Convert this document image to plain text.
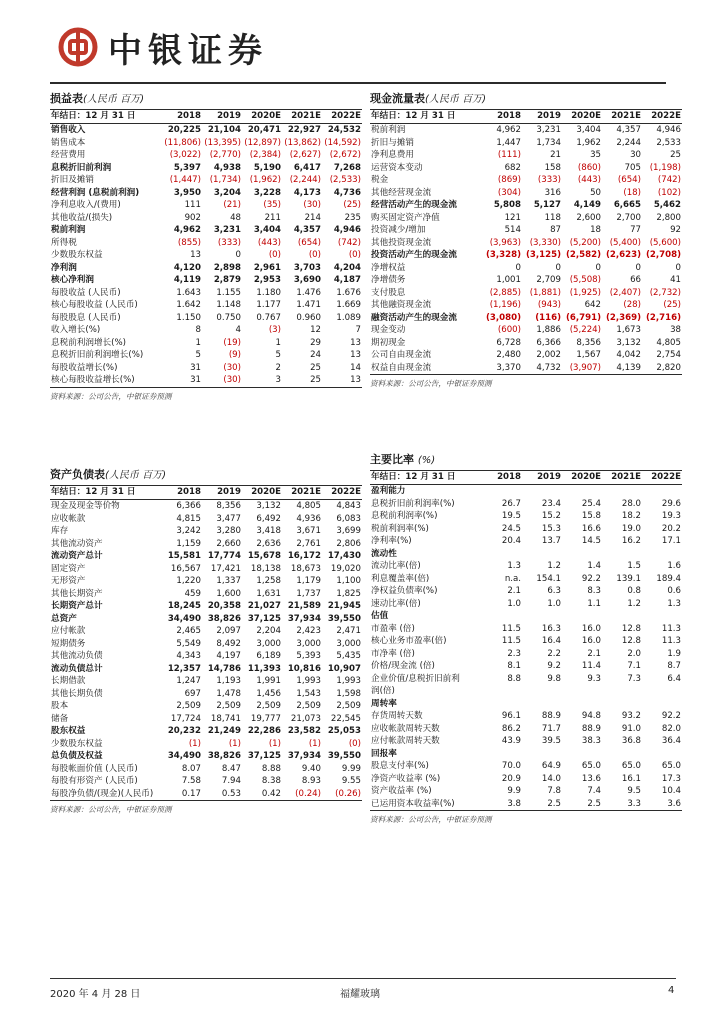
中银证券
损益表(人民币 百万)
年结日：12 月 31 日	2018	2019	2020E	2021E	2022E
销售收入	20,225	21,104	20,471	22,927	24,532
销售成本	(11,806)	(13,395)	(12,897)	(13,862)	(14,592)
经营费用	(3,022)	(2,770)	(2,384)	(2,627)	(2,672)
息税折旧前利润	5,397	4,938	5,190	6,417	7,268
折旧及摊销	(1,447)	(1,734)	(1,962)	(2,244)	(2,533)
经营利润 (息税前利润)	3,950	3,204	3,228	4,173	4,736
净利息收入/(费用)	111	(21)	(35)	(30)	(25)
其他收益/(损失)	902	48	211	214	235
税前利润	4,962	3,231	3,404	4,357	4,946
所得税	(855)	(333)	(443)	(654)	(742)
少数股东权益	13	0	(0)	(0)	(0)
净利润	4,120	2,898	2,961	3,703	4,204
核心净利润	4,119	2,879	2,953	3,690	4,187
每股收益 (人民币)	1.643	1.155	1.180	1.476	1.676
核心每股收益 (人民币)	1.642	1.148	1.177	1.471	1.669
每股股息 (人民币)	1.150	0.750	0.767	0.960	1.089
收入增长(%)	8	4	(3)	12	7
息税前利润增长(%)	1	(19)	1	29	13
息税折旧前利润增长(%)	5	(9)	5	24	13
每股收益增长(%)	31	(30)	2	25	14
核心每股收益增长(%)	31	(30)	3	25	13
资料来源：公司公告，中银证券预测
现金流量表(人民币 百万)
年结日：12 月 31 日	2018	2019	2020E	2021E	2022E
税前利润	4,962	3,231	3,404	4,357	4,946
折旧与摊销	1,447	1,734	1,962	2,244	2,533
净利息费用	(111)	21	35	30	25
运营资本变动	682	158	(860)	705	(1,198)
税金	(869)	(333)	(443)	(654)	(742)
其他经营现金流	(304)	316	50	(18)	(102)
经营活动产生的现金流	5,808	5,127	4,149	6,665	5,462
购买固定资产净值	121	118	2,600	2,700	2,800
投资减少/增加	514	87	18	77	92
其他投资现金流	(3,963)	(3,330)	(5,200)	(5,400)	(5,600)
投资活动产生的现金流	(3,328)	(3,125)	(2,582)	(2,623)	(2,708)
净增权益	0	0	0	0	0
净增债务	1,001	2,709	(5,508)	66	41
支付股息	(2,885)	(1,881)	(1,925)	(2,407)	(2,732)
其他融资现金流	(1,196)	(943)	642	(28)	(25)
融资活动产生的现金流	(3,080)	(116)	(6,791)	(2,369)	(2,716)
现金变动	(600)	1,886	(5,224)	1,673	38
期初现金	6,728	6,366	8,356	3,132	4,805
公司自由现金流	2,480	2,002	1,567	4,042	2,754
权益自由现金流	3,370	4,732	(3,907)	4,139	2,820
资料来源：公司公告，中银证券预测
资产负债表(人民币 百万)
年结日：12 月 31 日	2018	2019	2020E	2021E	2022E
现金及现金等价物	6,366	8,356	3,132	4,805	4,843
应收帐款	4,815	3,477	6,492	4,936	6,083
库存	3,242	3,280	3,418	3,671	3,699
其他流动资产	1,159	2,660	2,636	2,761	2,806
流动资产总计	15,581	17,774	15,678	16,172	17,430
固定资产	16,567	17,421	18,138	18,673	19,020
无形资产	1,220	1,337	1,258	1,179	1,100
其他长期资产	459	1,600	1,631	1,737	1,825
长期资产总计	18,245	20,358	21,027	21,589	21,945
总资产	34,490	38,826	37,125	37,934	39,550
应付帐款	2,465	2,097	2,204	2,423	2,471
短期债务	5,549	8,492	3,000	3,000	3,000
其他流动负债	4,343	4,197	6,189	5,393	5,435
流动负债总计	12,357	14,786	11,393	10,816	10,907
长期借款	1,247	1,193	1,991	1,993	1,993
其他长期负债	697	1,478	1,456	1,543	1,598
股本	2,509	2,509	2,509	2,509	2,509
储备	17,724	18,741	19,777	21,073	22,545
股东权益	20,232	21,249	22,286	23,582	25,053
少数股东权益	(1)	(1)	(1)	(1)	(0)
总负债及权益	34,490	38,826	37,125	37,934	39,550
每股帐面价值 (人民币)	8.07	8.47	8.88	9.40	9.99
每股有形资产 (人民币)	7.58	7.94	8.38	8.93	9.55
每股净负债/(现金)(人民币)	0.17	0.53	0.42	(0.24)	(0.26)
资料来源：公司公告，中银证券预测
主要比率 (%)
年结日：12 月 31 日	2018	2019	2020E	2021E	2022E
盈利能力					
息税折旧前利润率(%)	26.7	23.4	25.4	28.0	29.6
息税前利润率(%)	19.5	15.2	15.8	18.2	19.3
税前利润率(%)	24.5	15.3	16.6	19.0	20.2
净利率(%)	20.4	13.7	14.5	16.2	17.1
流动性					
流动比率(倍)	1.3	1.2	1.4	1.5	1.6
利息覆盖率(倍)	n.a.	154.1	92.2	139.1	189.4
净权益负债率(%)	2.1	6.3	8.3	0.8	0.6
速动比率(倍)	1.0	1.0	1.1	1.2	1.3
估值					
市盈率 (倍)	11.5	16.3	16.0	12.8	11.3
核心业务市盈率(倍)	11.5	16.4	16.0	12.8	11.3
市净率 (倍)	2.3	2.2	2.1	2.0	1.9
价格/现金流 (倍)	8.1	9.2	11.4	7.1	8.7
企业价值/息税折旧前利	8.8	9.8	9.3	7.3	6.4
润(倍)					
周转率					
存货周转天数	96.1	88.9	94.8	93.2	92.2
应收帐款周转天数	86.2	71.7	88.9	91.0	82.0
应付帐款周转天数	43.9	39.5	38.3	36.8	36.4
回报率					
股息支付率(%)	70.0	64.9	65.0	65.0	65.0
净资产收益率 (%)	20.9	14.0	13.6	16.1	17.3
资产收益率 (%)	9.9	7.8	7.4	9.5	10.4
已运用资本收益率(%)	3.8	2.5	2.5	3.3	3.6
资料来源：公司公告，中银证券预测
2020 年 4 月 28 日	福耀玻璃	4
